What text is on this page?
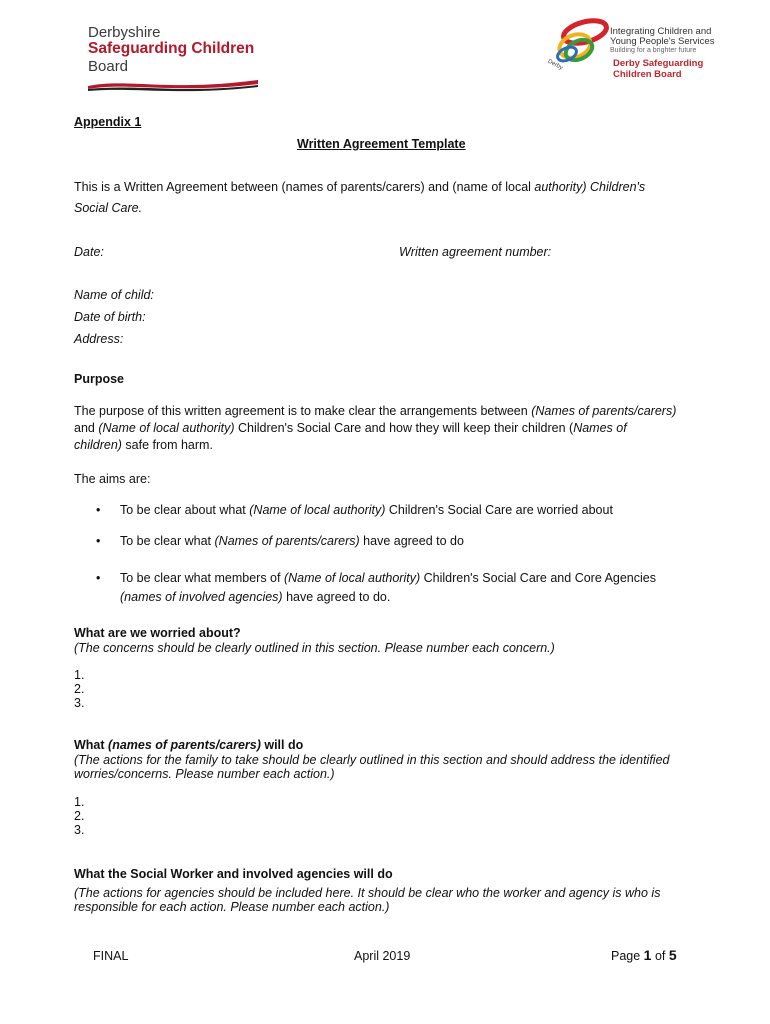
Derbyshire
Safeguarding Children
Board	Derby
Integrating Children and
Young People's Services
Building for a brighter future
Derby Safeguarding
Children Board
Appendix 1
Written Agreement Template
This is a Written Agreement between (names of parents/carers) and (name of local authority) Children's
Social Care.
Date:	Written agreement number:
Name of child:
Date of birth:
Address:
Purpose
The purpose of this written agreement is to make clear the arrangements between (Names of parents/carers)
and (Name of local authority) Children's Social Care and how they will keep their children (Names of
children) safe from harm.
The aims are:
• To be clear about what (Name of local authority) Children's Social Care are worried about
• To be clear what (Names of parents/carers) have agreed to do
• To be clear what members of (Name of local authority) Children's Social Care and Core Agencies
(names of involved agencies) have agreed to do.
What are we worried about?
(The concerns should be clearly outlined in this section. Please number each concern.)
1.
2.
3.
What (names of parents/carers) will do
(The actions for the family to take should be clearly outlined in this section and should address the identified
worries/concerns. Please number each action.)
1.
2.
3.
What the Social Worker and involved agencies will do
(The actions for agencies should be included here. It should be clear who the worker and agency is who is
responsible for each action. Please number each action.)
FINAL	April 2019	Page 1 of 5
